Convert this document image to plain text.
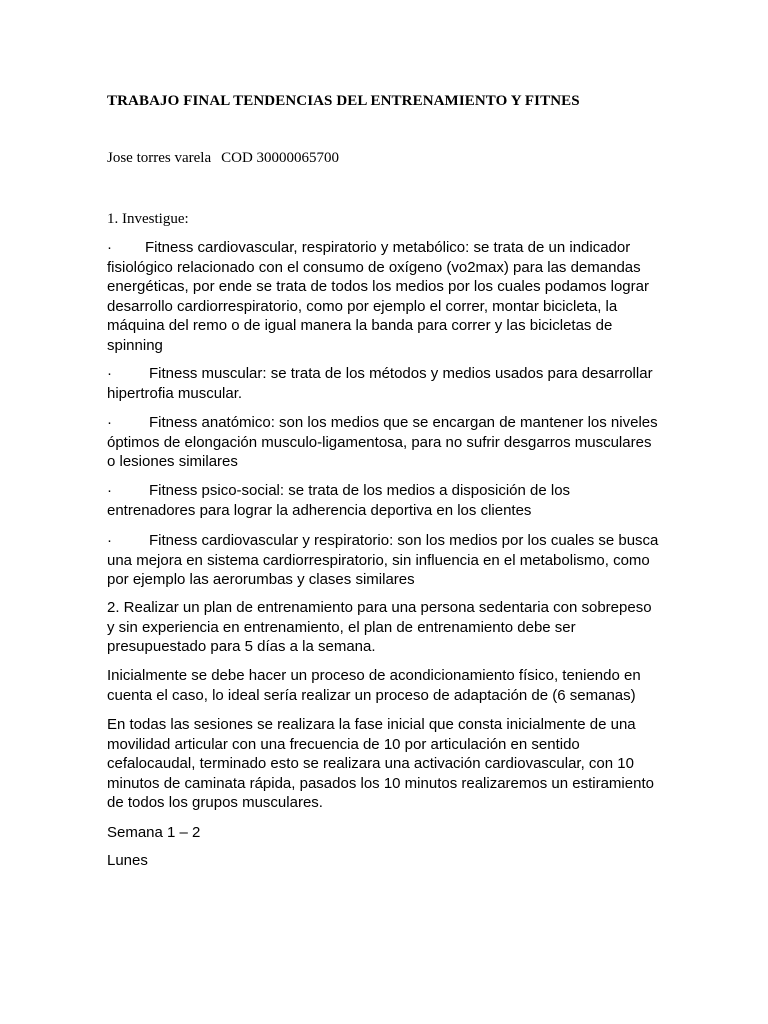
TRABAJO FINAL TENDENCIAS DEL ENTRENAMIENTO Y FITNES
Jose torres varela COD 30000065700
1. Investigue:
· Fitness cardiovascular, respiratorio y metabólico: se trata de un indicador
fisiológico relacionado con el consumo de oxígeno (vo2max) para las demandas
energéticas, por ende se trata de todos los medios por los cuales podamos lograr
desarrollo cardiorrespiratorio, como por ejemplo el correr, montar bicicleta, la
máquina del remo o de igual manera la banda para correr y las bicicletas de
spinning
· Fitness muscular: se trata de los métodos y medios usados para desarrollar
hipertrofia muscular.
· Fitness anatómico: son los medios que se encargan de mantener los niveles
óptimos de elongación musculo-ligamentosa, para no sufrir desgarros musculares
o lesiones similares
· Fitness psico-social: se trata de los medios a disposición de los
entrenadores para lograr la adherencia deportiva en los clientes
· Fitness cardiovascular y respiratorio: son los medios por los cuales se busca
una mejora en sistema cardiorrespiratorio, sin influencia en el metabolismo, como
por ejemplo las aerorumbas y clases similares
2. Realizar un plan de entrenamiento para una persona sedentaria con sobrepeso
y sin experiencia en entrenamiento, el plan de entrenamiento debe ser
presupuestado para 5 días a la semana.
Inicialmente se debe hacer un proceso de acondicionamiento físico, teniendo en
cuenta el caso, lo ideal sería realizar un proceso de adaptación de (6 semanas)
En todas las sesiones se realizara la fase inicial que consta inicialmente de una
movilidad articular con una frecuencia de 10 por articulación en sentido
cefalocaudal, terminado esto se realizara una activación cardiovascular, con 10
minutos de caminata rápida, pasados los 10 minutos realizaremos un estiramiento
de todos los grupos musculares.
Semana 1 – 2
Lunes
